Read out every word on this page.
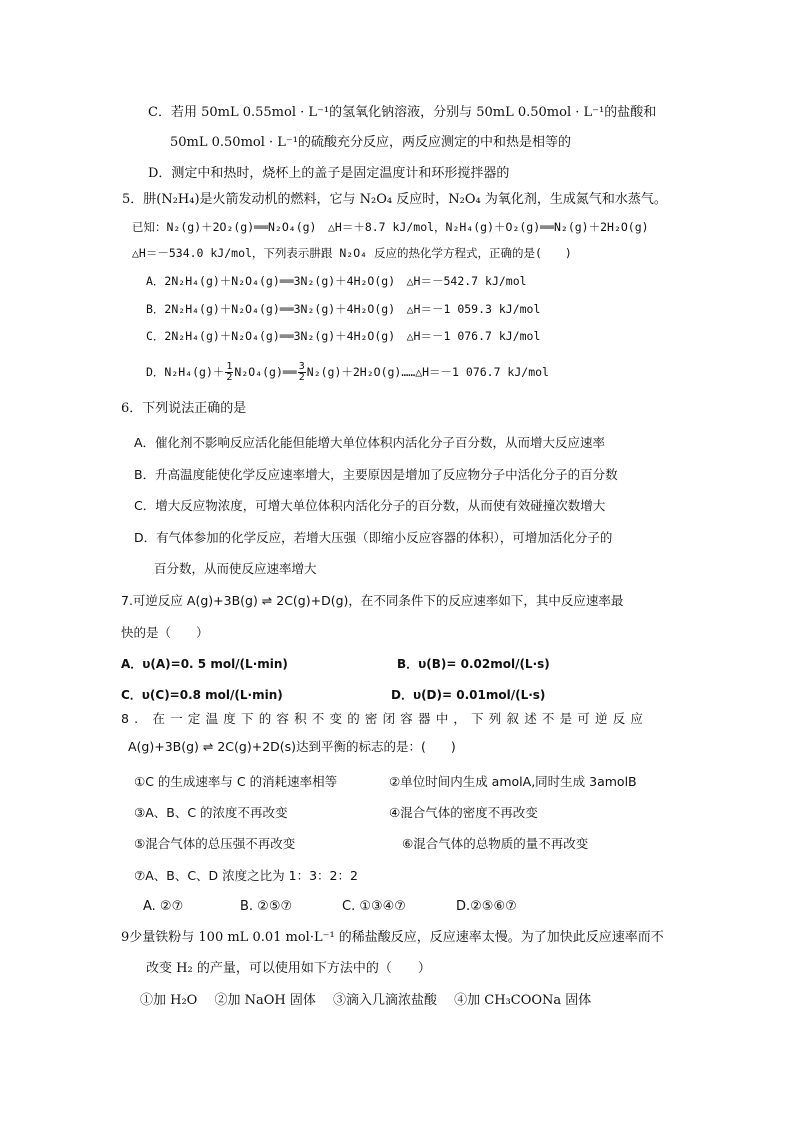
C．若用 50mL 0.55mol · L⁻¹的氢氧化钠溶液，分别与 50mL 0.50mol · L⁻¹的盐酸和
50mL 0.50mol · L⁻¹的硫酸充分反应，两反应测定的中和热是相等的
D．测定中和热时，烧杯上的盖子是固定温度计和环形搅拌器的
5．肼(N₂H₄)是火箭发动机的燃料，它与 N₂O₄ 反应时，N₂O₄ 为氧化剂，生成氮气和水蒸气。
已知：N₂(g)＋2O₂(g)══N₂O₄(g)　△H＝＋8.7 kJ/mol，N₂H₄(g)＋O₂(g)══N₂(g)＋2H₂O(g)
△H＝－534.0 kJ/mol，下列表示肼跟 N₂O₄ 反应的热化学方程式，正确的是(　　)
A．2N₂H₄(g)＋N₂O₄(g)══3N₂(g)＋4H₂O(g)　△H＝－542.7 kJ/mol
B．2N₂H₄(g)＋N₂O₄(g)══3N₂(g)＋4H₂O(g)　△H＝－1 059.3 kJ/mol
C．2N₂H₄(g)＋N₂O₄(g)══3N₂(g)＋4H₂O(g)　△H＝－1 076.7 kJ/mol
D．$N_2H_4(g)+ \frac{1}{2}$ N₂O₄(g)══ $\frac{3}{2}$ N₂(g)＋2H₂O(g)……△H＝－1 076.7 kJ/mol
6．下列说法正确的是
A．催化剂不影响反应活化能但能增大单位体积内活化分子百分数，从而增大反应速率
B．升高温度能使化学反应速率增大，主要原因是增加了反应物分子中活化分子的百分数
C．增大反应物浓度，可增大单位体积内活化分子的百分数，从而使有效碰撞次数增大
D．有气体参加的化学反应，若增大压强（即缩小反应容器的体积），可增加活化分子的
百分数，从而使反应速率增大
7.可逆反应 A(g)+3B(g) ⇌ 2C(g)+D(g)，在不同条件下的反应速率如下，其中反应速率最
快的是（　　）
A．υ(A)=0. 5 mol/(L·min)	B．υ(B)= 0.02mol/(L·s)
C．υ(C)=0.8 mol/(L·min)	D．υ(D)= 0.01mol/(L·s)
8. 在一定温度下的容积不变的密闭容器中，下列叙述不是可逆反应
A(g)+3B(g) ⇌ 2C(g)+2D(s)达到平衡的标志的是：(　　)
①C 的生成速率与 C 的消耗速率相等	②单位时间内生成 amolA,同时生成 3amolB
③A、B、C 的浓度不再改变	④混合气体的密度不再改变
⑤混合气体的总压强不再改变	⑥混合气体的总物质的量不再改变
⑦A、B、C、D 浓度之比为 1：3：2：2
A. ②⑦	B. ②⑤⑦	C. ①③④⑦	D.②⑤⑥⑦
9少量铁粉与 100 mL 0.01 mol·L⁻¹ 的稀盐酸反应，反应速率太慢。为了加快此反应速率而不
改变 H₂ 的产量，可以使用如下方法中的（　　）
①加 H₂O　 ②加 NaOH 固体　 ③滴入几滴浓盐酸　 ④加 CH₃COONa 固体
